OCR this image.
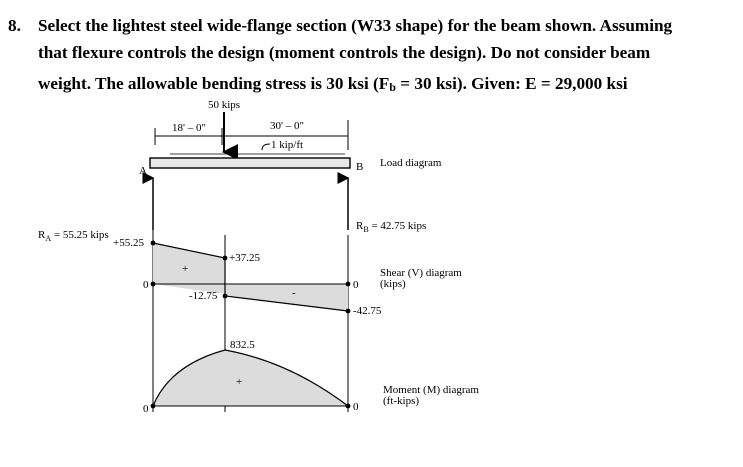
8. Select the lightest steel wide-flange section (W33 shape) for the beam shown. Assuming
that flexure controls the design (moment controls the design). Do not consider beam
weight. The allowable bending stress is 30 ksi (Fb = 30 ksi). Given: E = 29,000 ksi
18' – 0"	30' – 0"
50 kips
1 kip/ft
A	B Load diagram
$R_A = 55.25$ kips
$R_B = 42.75$ kips
+55.25
0
+
+37.25
-12.75	-
0
-42.75
Shear (V) diagram
(kips)
832.5
+
0	0
Moment (M) diagram
(ft-kips)
